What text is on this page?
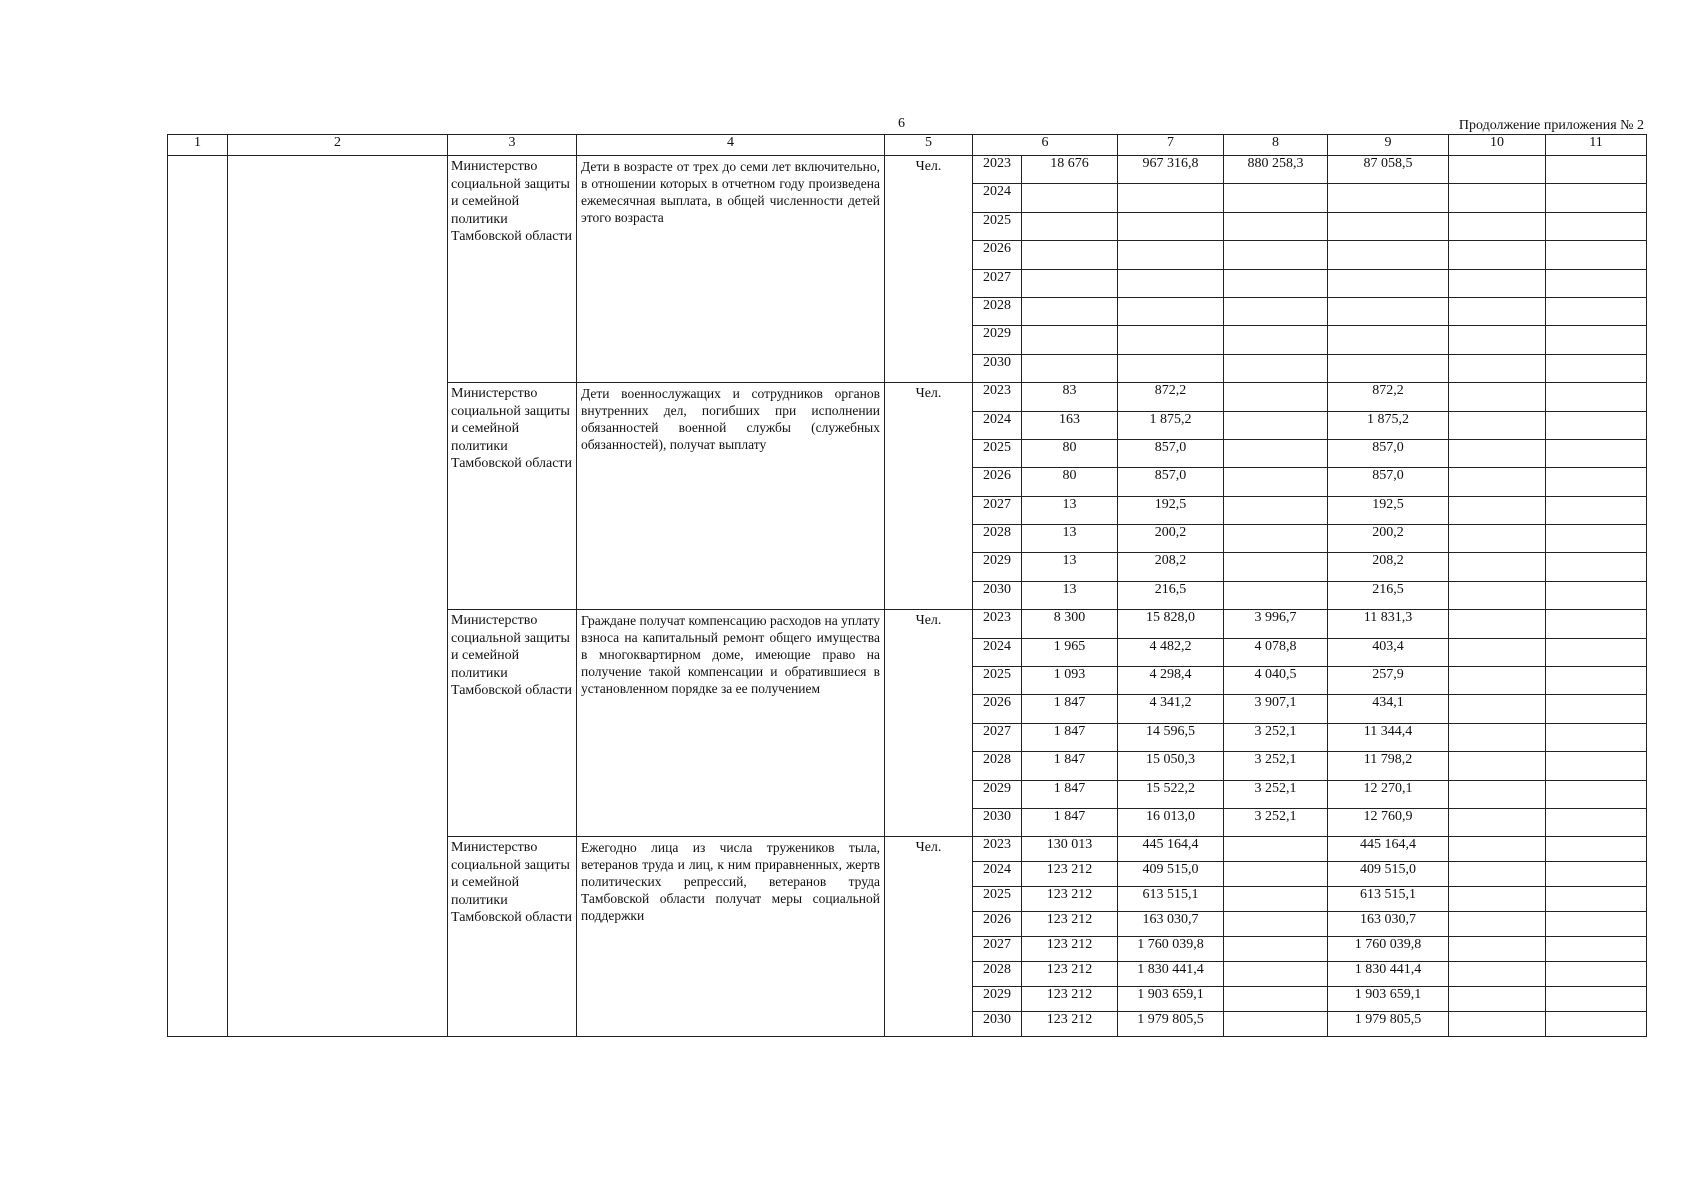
6	Продолжение приложения № 2
1	2	3	4	5	6		7	8	9	10	11
		Министерство социальной защиты и семейной политики Тамбовской области	Дети в возрасте от трех до семи лет включительно, в отношении которых в отчетном году произведена ежемесячная выплата, в общей численности детей этого возраста	Чел.	2023	18 676	967 316,8	880 258,3	87 058,5		
					2024						
					2025						
					2026						
					2027						
					2028						
					2029						
					2030						
		Министерство социальной защиты и семейной политики Тамбовской области	Дети военнослужащих и сотрудников органов внутренних дел, погибших при исполнении обязанностей военной службы (служебных обязанностей), получат выплату	Чел.	2023	83	872,2		872,2		
					2024	163	1 875,2		1 875,2		
					2025	80	857,0		857,0		
					2026	80	857,0		857,0		
					2027	13	192,5		192,5		
					2028	13	200,2		200,2		
					2029	13	208,2		208,2		
					2030	13	216,5		216,5		
		Министерство социальной защиты и семейной политики Тамбовской области	Граждане получат компенсацию расходов на уплату взноса на капитальный ремонт общего имущества в многоквартирном доме, имеющие право на получение такой компенсации и обратившиеся в установленном порядке за ее получением	Чел.	2023	8 300	15 828,0	3 996,7	11 831,3		
					2024	1 965	4 482,2	4 078,8	403,4		
					2025	1 093	4 298,4	4 040,5	257,9		
					2026	1 847	4 341,2	3 907,1	434,1		
					2027	1 847	14 596,5	3 252,1	11 344,4		
					2028	1 847	15 050,3	3 252,1	11 798,2		
					2029	1 847	15 522,2	3 252,1	12 270,1		
					2030	1 847	16 013,0	3 252,1	12 760,9		
		Министерство социальной защиты и семейной политики Тамбовской области	Ежегодно лица из числа тружеников тыла, ветеранов труда и лиц, к ним приравненных, жертв политических репрессий, ветеранов труда Тамбовской области получат меры социальной поддержки	Чел.	2023	130 013	445 164,4		445 164,4		
					2024	123 212	409 515,0		409 515,0		
					2025	123 212	613 515,1		613 515,1		
					2026	123 212	163 030,7		163 030,7		
					2027	123 212	1 760 039,8		1 760 039,8		
					2028	123 212	1 830 441,4		1 830 441,4		
					2029	123 212	1 903 659,1		1 903 659,1		
					2030	123 212	1 979 805,5		1 979 805,5		
